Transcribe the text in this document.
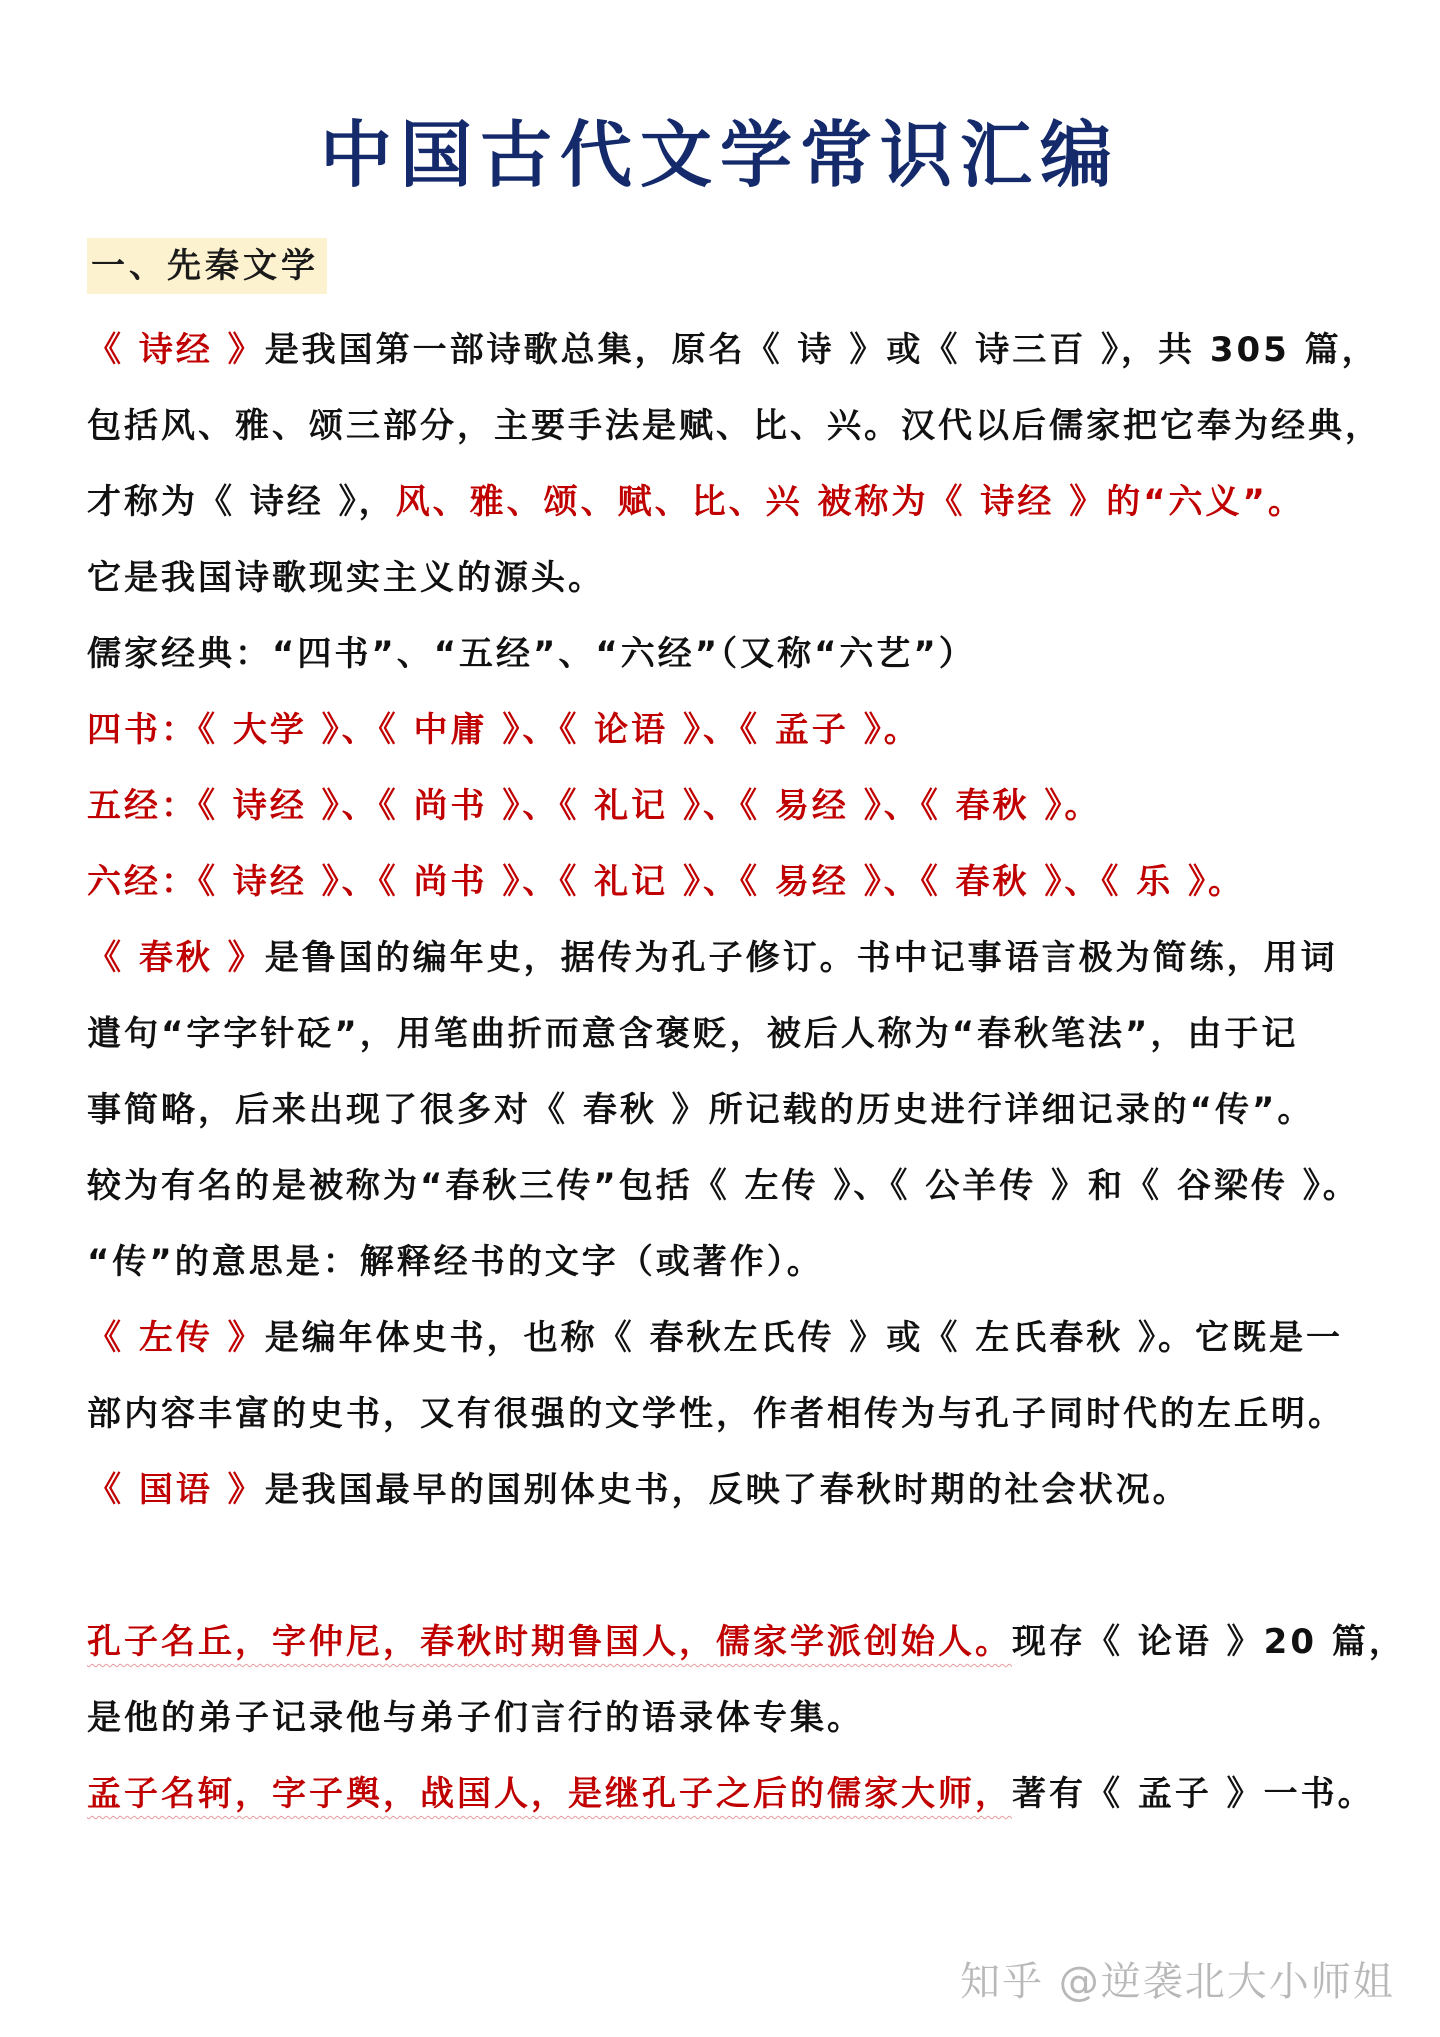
中国古代文学常识汇编
一、先秦文学
《 诗经 》是我国第一部诗歌总集，原名《 诗 》或《 诗三百 》，共 305 篇，
包括风、雅、颂三部分，主要手法是赋、比、兴。汉代以后儒家把它奉为经典，
才称为《 诗经 》，风、雅、颂、赋、比、兴 被称为《 诗经 》的“六义”。
它是我国诗歌现实主义的源头。
儒家经典：“四书”、“五经”、“六经”（又称“六艺”）
四书：《 大学 》、《 中庸 》、《 论语 》、《 孟子 》。
五经：《 诗经 》、《 尚书 》、《 礼记 》、《 易经 》、《 春秋 》。
六经：《 诗经 》、《 尚书 》、《 礼记 》、《 易经 》、《 春秋 》、《 乐 》。
《 春秋 》是鲁国的编年史，据传为孔子修订。书中记事语言极为简练，用词
遣句“字字针砭”，用笔曲折而意含褒贬，被后人称为“春秋笔法”，由于记
事简略，后来出现了很多对《 春秋 》所记载的历史进行详细记录的“传”。
较为有名的是被称为“春秋三传”包括《 左传 》、《 公羊传 》和《 谷梁传 》。
“传”的意思是：解释经书的文字（或著作）。
《 左传 》是编年体史书，也称《 春秋左氏传 》或《 左氏春秋 》。它既是一
部内容丰富的史书，又有很强的文学性，作者相传为与孔子同时代的左丘明。
《 国语 》是我国最早的国别体史书，反映了春秋时期的社会状况。
孔子名丘，字仲尼，春秋时期鲁国人，儒家学派创始人。现存《 论语 》20 篇，
是他的弟子记录他与弟子们言行的语录体专集。
孟子名轲，字子舆，战国人，是继孔子之后的儒家大师，著有《 孟子 》一书。
知乎 @逆袭北大小师姐
